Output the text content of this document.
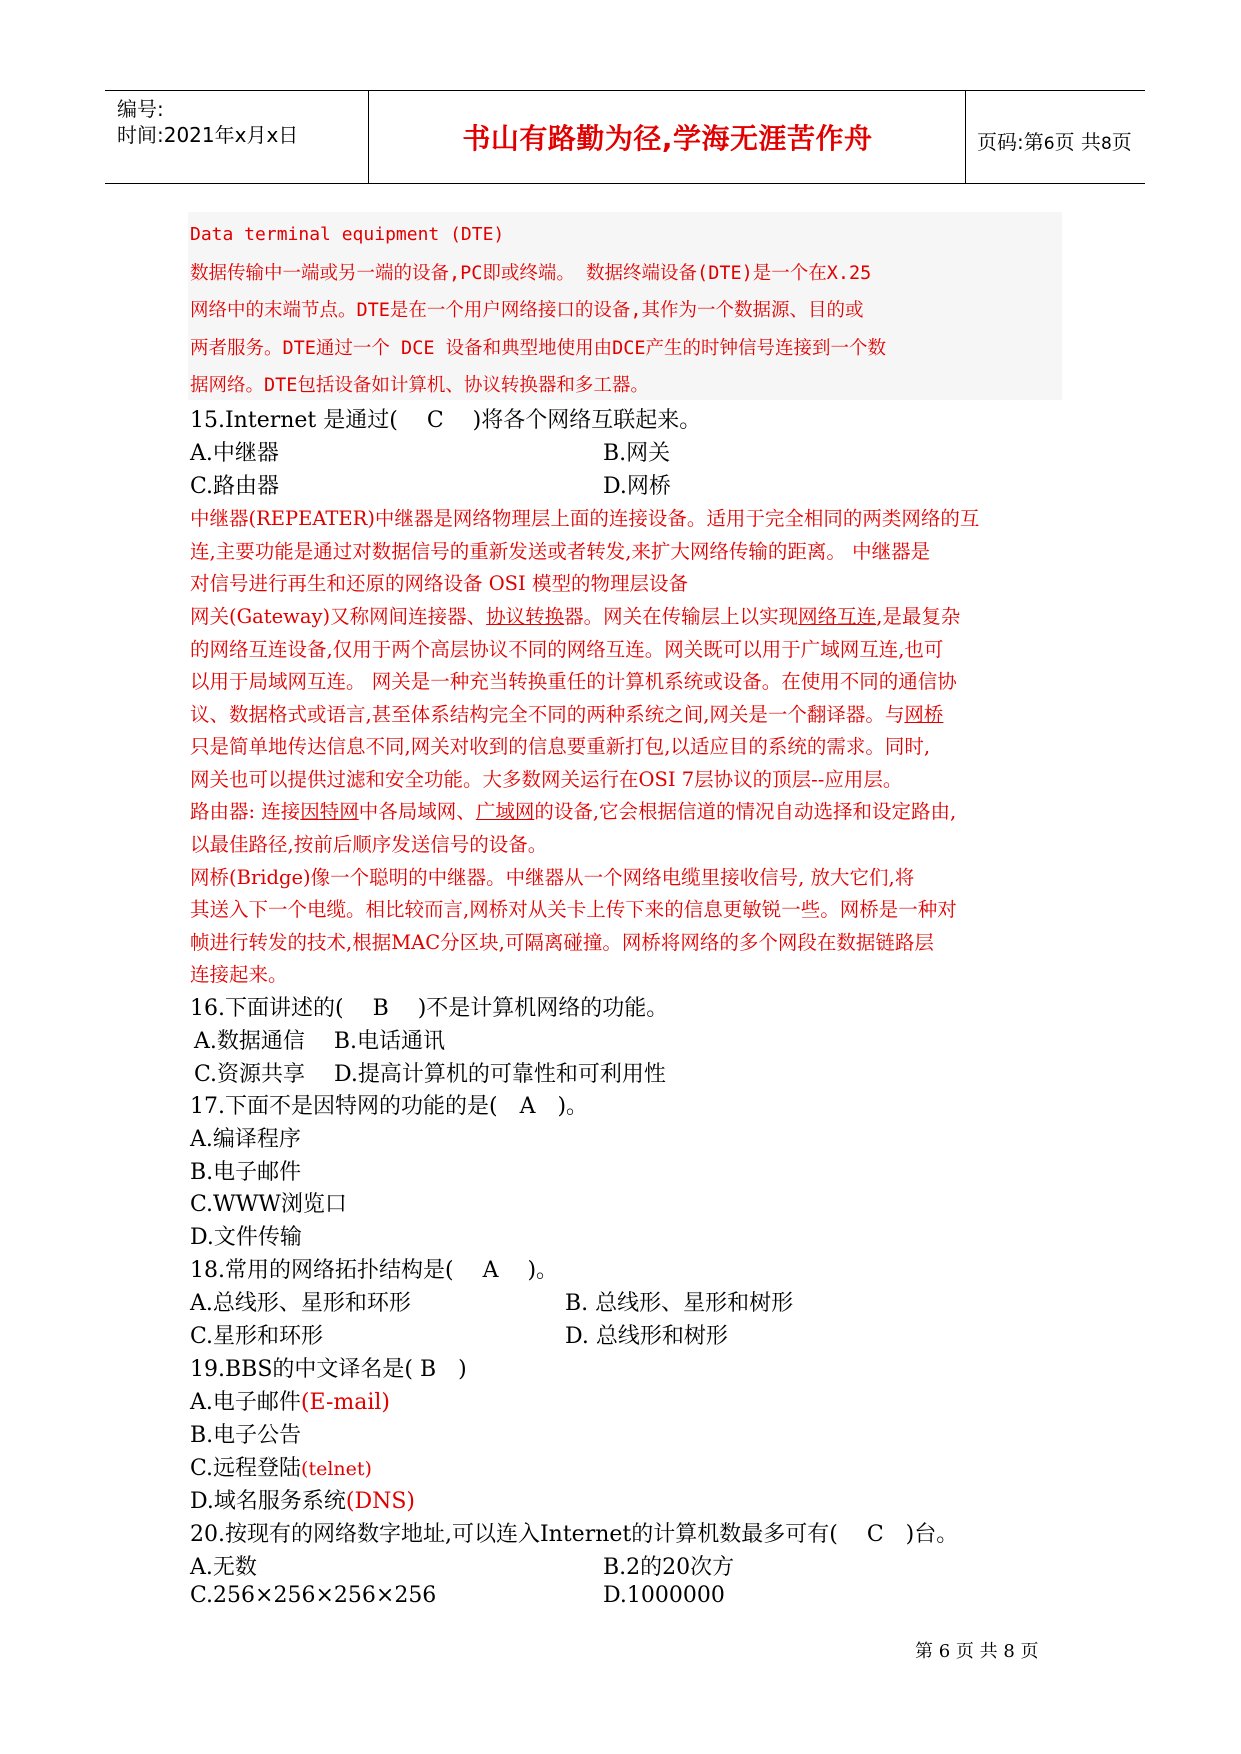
编号:
时间:2021年x月x日	书山有路勤为径,学海无涯苦作舟	页码:第6页 共8页
Data terminal equipment (DTE)
数据传输中一端或另一端的设备,PC即或终端。 数据终端设备(DTE)是一个在X.25
网络中的末端节点。DTE是在一个用户网络接口的设备,其作为一个数据源、目的或
两者服务。DTE通过一个 DCE 设备和典型地使用由DCE产生的时钟信号连接到一个数
据网络。DTE包括设备如计算机、协议转换器和多工器。
15.Internet 是通过(　 C　 )将各个网络互联起来。
A.中继器	B.网关
C.路由器	D.网桥
中继器(REPEATER)中继器是网络物理层上面的连接设备。适用于完全相同的两类网络的互
连,主要功能是通过对数据信号的重新发送或者转发,来扩大网络传输的距离。 中继器是
对信号进行再生和还原的网络设备 OSI 模型的物理层设备
网关(Gateway)又称网间连接器、协议转换器。网关在传输层上以实现网络互连,是最复杂
的网络互连设备,仅用于两个高层协议不同的网络互连。网关既可以用于广域网互连,也可
以用于局域网互连。 网关是一种充当转换重任的计算机系统或设备。在使用不同的通信协
议、数据格式或语言,甚至体系结构完全不同的两种系统之间,网关是一个翻译器。与网桥
只是简单地传达信息不同,网关对收到的信息要重新打包,以适应目的系统的需求。同时,
网关也可以提供过滤和安全功能。大多数网关运行在OSI 7层协议的顶层--应用层。
路由器: 连接因特网中各局域网、广域网的设备,它会根据信道的情况自动选择和设定路由,
以最佳路径,按前后顺序发送信号的设备。
网桥(Bridge)像一个聪明的中继器。中继器从一个网络电缆里接收信号, 放大它们,将
其送入下一个电缆。相比较而言,网桥对从关卡上传下来的信息更敏锐一些。网桥是一种对
帧进行转发的技术,根据MAC分区块,可隔离碰撞。网桥将网络的多个网段在数据链路层
连接起来。
16.下面讲述的(　 B　 )不是计算机网络的功能。
A.数据通信　 B.电话通讯
C.资源共享　 D.提高计算机的可靠性和可利用性
17.下面不是因特网的功能的是(　A　)。
A.编译程序
B.电子邮件
C.WWW浏览口
D.文件传输
18.常用的网络拓扑结构是(　 A　 )。
A.总线形、星形和环形	B. 总线形、星形和树形
C.星形和环形	D. 总线形和树形
19.BBS的中文译名是( B　)
A.电子邮件(E-mail)
B.电子公告
C.远程登陆(telnet)
D.域名服务系统(DNS)
20.按现有的网络数字地址,可以连入Internet的计算机数最多可有(　 C　)台。
A.无数	B.2的20次方
C.256×256×256×256	D.1000000
第 6 页 共 8 页
